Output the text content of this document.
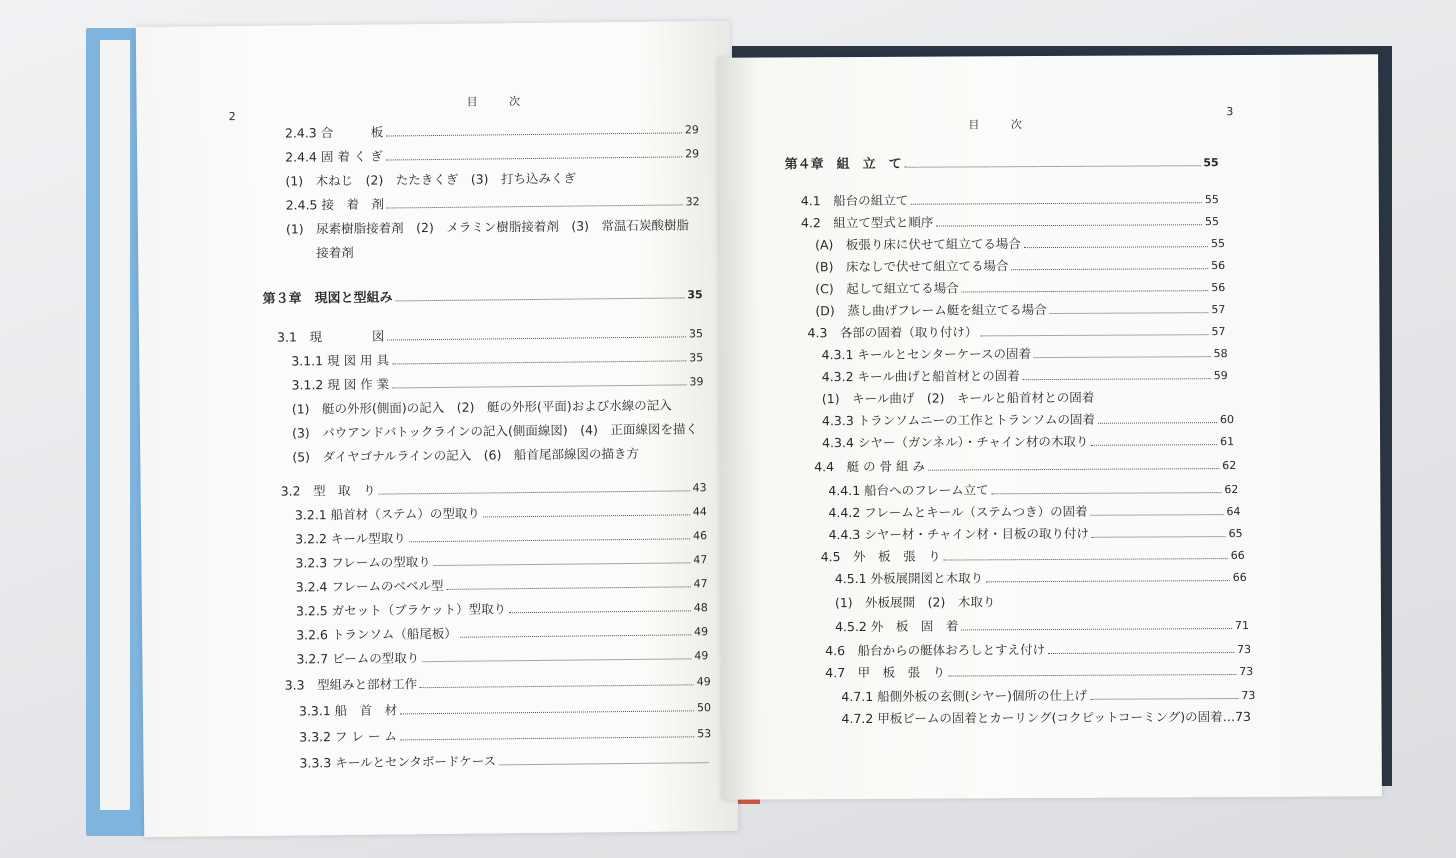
2
目 次
2.4.3 合　　　板	29
2.4.4 固 着 く ぎ	29
(1)　木ねじ　(2)　たたきくぎ　(3)　打ち込みくぎ
2.4.5 接　着　剤	32
(1)　尿素樹脂接着剤　(2)　メラミン樹脂接着剤　(3)　常温石炭酸樹脂
接着剤
第３章　現図と型組み	35
3.1　現　　　　図	35
3.1.1 現 図 用 具	35
3.1.2 現 図 作 業	39
(1)　艇の外形(側面)の記入　(2)　艇の外形(平面)および水線の記入
(3)　バウアンドバトックラインの記入(側面線図)　(4)　正面線図を描く
(5)　ダイヤゴナルラインの記入　(6)　船首尾部線図の描き方
3.2　型　取　り	43
3.2.1 船首材（ステム）の型取り	44
3.2.2 キール型取り	46
3.2.3 フレームの型取り	47
3.2.4 フレームのベベル型	47
3.2.5 ガセット（ブラケット）型取り	48
3.2.6 トランソム（船尾板）	49
3.2.7 ビームの型取り	49
3.3　型組みと部材工作	49
3.3.1 船　首　材	50
3.3.2 フ レ ー ム	53
3.3.3 キールとセンタボードケース
目 次
3
第４章　組　立　て	55
4.1　船台の組立て	55
4.2　組立て型式と順序	55
(A)　板張り床に伏せて組立てる場合	55
(B)　床なしで伏せて組立てる場合	56
(C)　起して組立てる場合	56
(D)　蒸し曲げフレーム艇を組立てる場合	57
4.3　各部の固着（取り付け）	57
4.3.1 キールとセンターケースの固着	58
4.3.2 キール曲げと船首材との固着	59
(1)　キール曲げ　(2)　キールと船首材との固着
4.3.3 トランソムニーの工作とトランソムの固着	60
4.3.4 シヤー（ガンネル）・チャイン材の木取り	61
4.4　艇 の 骨 組 み	62
4.4.1 船台へのフレーム立て	62
4.4.2 フレームとキール（ステムつき）の固着	64
4.4.3 シヤー材・チャイン材・目板の取り付け	65
4.5　外　板　張　り	66
4.5.1 外板展開図と木取り	66
(1)　外板展開　(2)　木取り
4.5.2 外　板　固　着	71
4.6　船台からの艇体おろしとすえ付け	73
4.7　甲　板　張　り	73
4.7.1 船側外板の玄側(シヤー)個所の仕上げ	73
4.7.2 甲板ビームの固着とカーリング(コクピットコーミング)の固着…73
